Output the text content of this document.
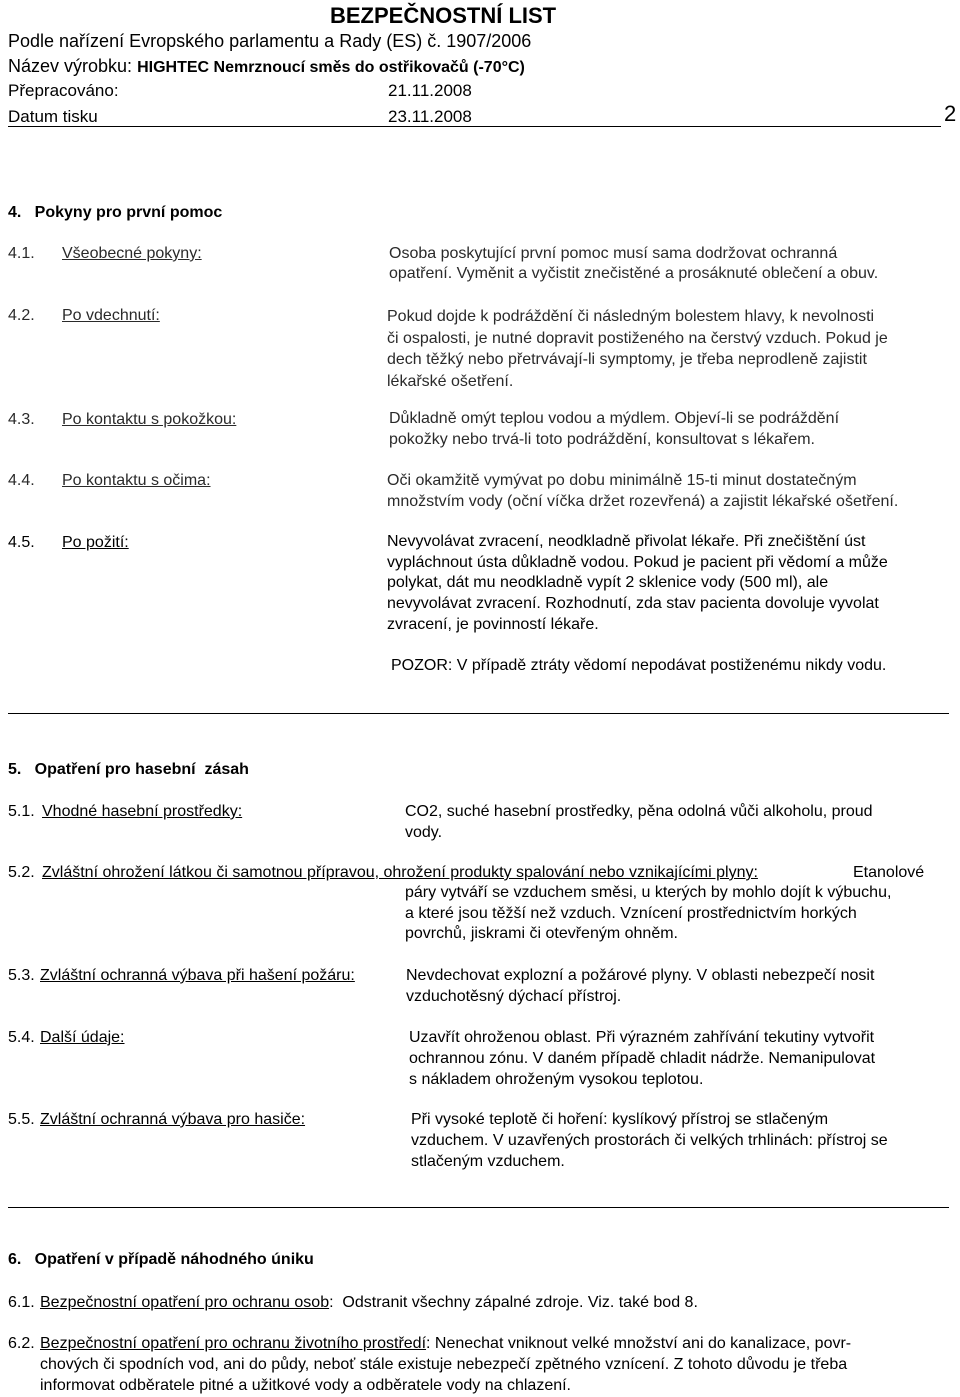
BEZPEČNOSTNÍ LIST
Podle nařízení Evropského parlamentu a Rady (ES) č. 1907/2006
Název výrobku: HIGHTEC Nemrznoucí směs do ostřikovačů (-70°C)
Přepracováno:	21.11.2008
Datum tisku	23.11.2008	2
4.   Pokyny pro první pomoc
4.1. Všeobecné pokyny:	Osoba poskytující první pomoc musí sama dodržovat ochranná
opatření. Vyměnit a vyčistit znečistěné a prosáknuté oblečení a obuv.
4.2. Po vdechnutí:	Pokud dojde k podráždění či následným bolestem hlavy, k nevolnosti
či ospalosti, je nutné dopravit postiženého na čerstvý vzduch. Pokud je
dech těžký nebo přetrvávají-li symptomy, je třeba neprodleně zajistit
lékařské ošetření.
4.3. Po kontaktu s pokožkou:	Důkladně omýt teplou vodou a mýdlem. Objeví-li se podráždění
pokožky nebo trvá-li toto podráždění, konsultovat s lékařem.
4.4. Po kontaktu s očima:	Oči okamžitě vymývat po dobu minimálně 15-ti minut dostatečným
množstvím vody (oční víčka držet rozevřená) a zajistit lékařské ošetření.
4.5. Po požití:	Nevyvolávat zvracení, neodkladně přivolat lékaře. Při znečištění úst
vypláchnout ústa důkladně vodou. Pokud je pacient při vědomí a může
polykat, dát mu neodkladně vypít 2 sklenice vody (500 ml), ale
nevyvolávat zvracení. Rozhodnutí, zda stav pacienta dovoluje vyvolat
zvracení, je povinností lékaře.
POZOR: V případě ztráty vědomí nepodávat postiženému nikdy vodu.
5.   Opatření pro hasební  zásah
5.1. Vhodné hasební prostředky:	CO2, suché hasební prostředky, pěna odolná vůči alkoholu, proud
vody.
5.2. Zvláštní ohrožení látkou či samotnou přípravou, ohrožení produkty spalování nebo vznikajícími plyny:	Etanolové
páry vytváří se vzduchem směsi, u kterých by mohlo dojít k výbuchu,
a které jsou těžší než vzduch. Vznícení prostřednictvím horkých
povrchů, jiskrami či otevřeným ohněm.
5.3. Zvláštní ochranná výbava při hašení požáru:	Nevdechovat explozní a požárové plyny. V oblasti nebezpečí nosit
vzduchotěsný dýchací přístroj.
5.4. Další údaje:	Uzavřít ohroženou oblast. Při výrazném zahřívání tekutiny vytvořit
ochrannou zónu. V daném případě chladit nádrže. Nemanipulovat
s nákladem ohroženým vysokou teplotou.
5.5. Zvláštní ochranná výbava pro hasiče:	Při vysoké teplotě či hoření: kyslíkový přístroj se stlačeným
vzduchem. V uzavřených prostorách či velkých trhlinách: přístroj se
stlačeným vzduchem.
6.   Opatření v případě náhodného úniku
6.1. Bezpečnostní opatření pro ochranu osob:  Odstranit všechny zápalné zdroje. Viz. také bod 8.
6.2. Bezpečnostní opatření pro ochranu životního prostředí: Nenechat vniknout velké množství ani do kanalizace, povr-
chových či spodních vod, ani do půdy, neboť stále existuje nebezpečí zpětného vznícení. Z tohoto důvodu je třeba
informovat odběratele pitné a užitkové vody a odběratele vody na chlazení.
